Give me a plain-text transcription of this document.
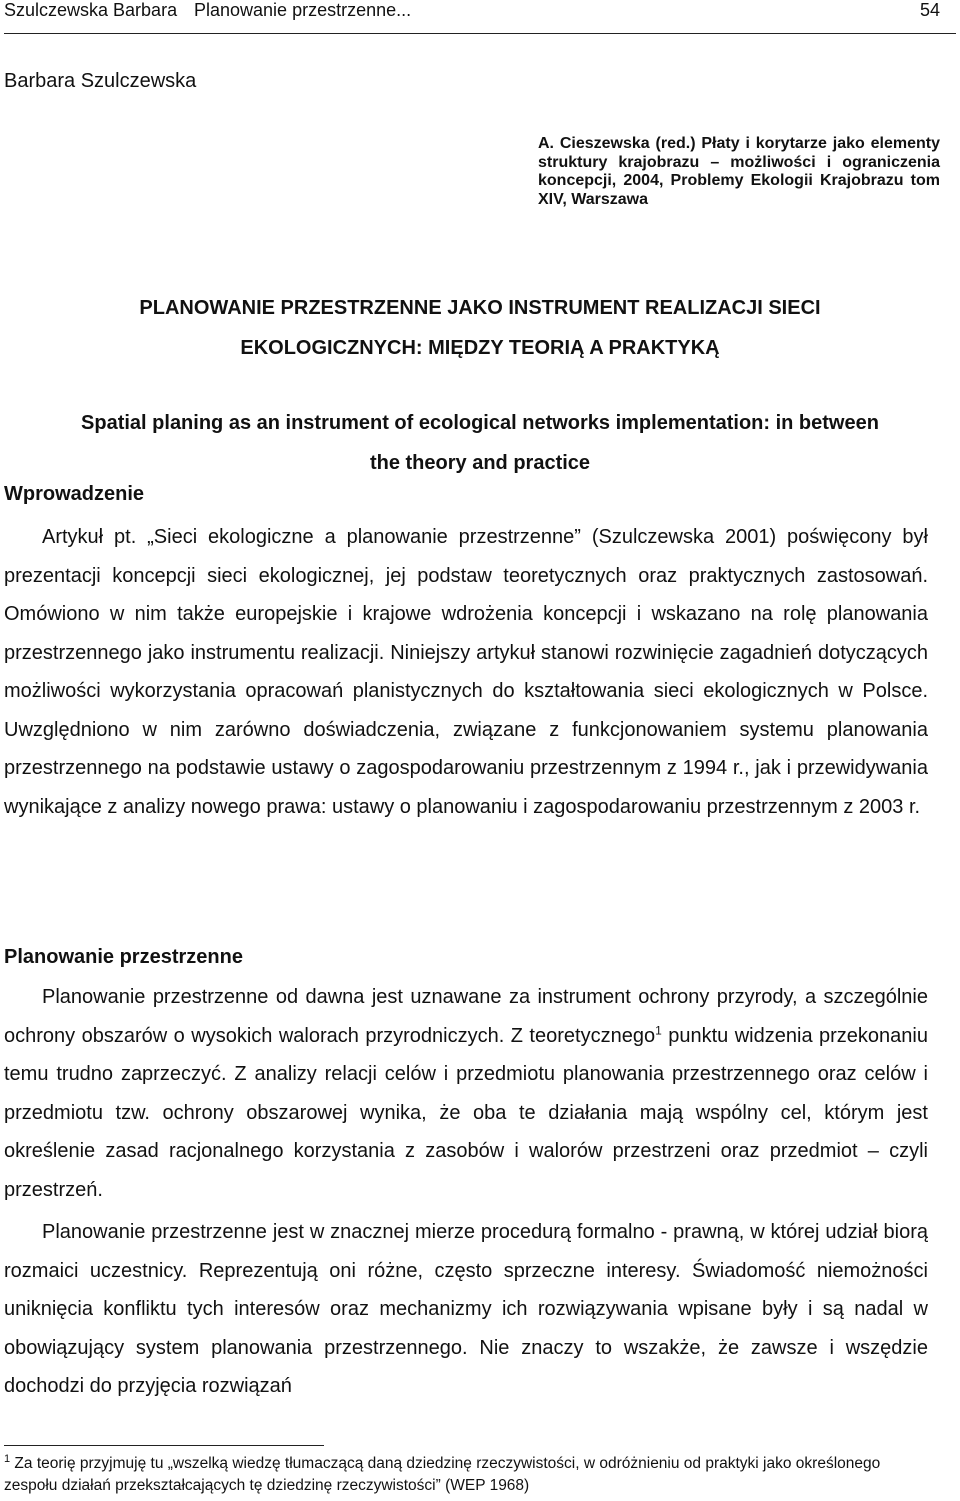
Szulczewska Barbara Planowanie przestrzenne...	54
Barbara Szulczewska
A. Cieszewska (red.) Płaty i korytarze jako elementy struktury krajobrazu – możliwości i ograniczenia koncepcji, 2004, Problemy Ekologii Krajobrazu tom XIV, Warszawa
PLANOWANIE PRZESTRZENNE JAKO INSTRUMENT REALIZACJI SIECI
EKOLOGICZNYCH: MIĘDZY TEORIĄ A PRAKTYKĄ
Spatial planing as an instrument of ecological networks implementation: in between
the theory and practice
Wprowadzenie
Artykuł pt. „Sieci ekologiczne a planowanie przestrzenne” (Szulczewska 2001) poświęcony był prezentacji koncepcji sieci ekologicznej, jej podstaw teoretycznych oraz praktycznych zastosowań. Omówiono w nim także europejskie i krajowe wdrożenia koncepcji i wskazano na rolę planowania przestrzennego jako instrumentu realizacji. Niniejszy artykuł stanowi rozwinięcie zagadnień dotyczących możliwości wykorzystania opracowań planistycznych do kształtowania sieci ekologicznych w Polsce. Uwzględniono w nim zarówno doświadczenia, związane z funkcjonowaniem systemu planowania przestrzennego na podstawie ustawy o zagospodarowaniu przestrzennym z 1994 r., jak i przewidywania wynikające z analizy nowego prawa: ustawy o planowaniu i zagospodarowaniu przestrzennym z 2003 r.
Planowanie przestrzenne
Planowanie przestrzenne od dawna jest uznawane za instrument ochrony przyrody, a szczególnie ochrony obszarów o wysokich walorach przyrodniczych. Z teoretycznego$^1$ punktu widzenia przekonaniu temu trudno zaprzeczyć. Z analizy relacji celów i przedmiotu planowania przestrzennego oraz celów i przedmiotu tzw. ochrony obszarowej wynika, że oba te działania mają wspólny cel, którym jest określenie zasad racjonalnego korzystania z zasobów i walorów przestrzeni oraz przedmiot – czyli przestrzeń.
Planowanie przestrzenne jest w znacznej mierze procedurą formalno - prawną, w której udział biorą rozmaici uczestnicy. Reprezentują oni różne, często sprzeczne interesy. Świadomość niemożności uniknięcia konfliktu tych interesów oraz mechanizmy ich rozwiązywania wpisane były i są nadal w obowiązujący system planowania przestrzennego. Nie znaczy to wszakże, że zawsze i wszędzie dochodzi do przyjęcia rozwiązań
$^1$ Za teorię przyjmuję tu „wszelką wiedzę tłumaczącą daną dziedzinę rzeczywistości, w odróżnieniu od praktyki jako określonego zespołu działań przekształcających tę dziedzinę rzeczywistości” (WEP 1968)
